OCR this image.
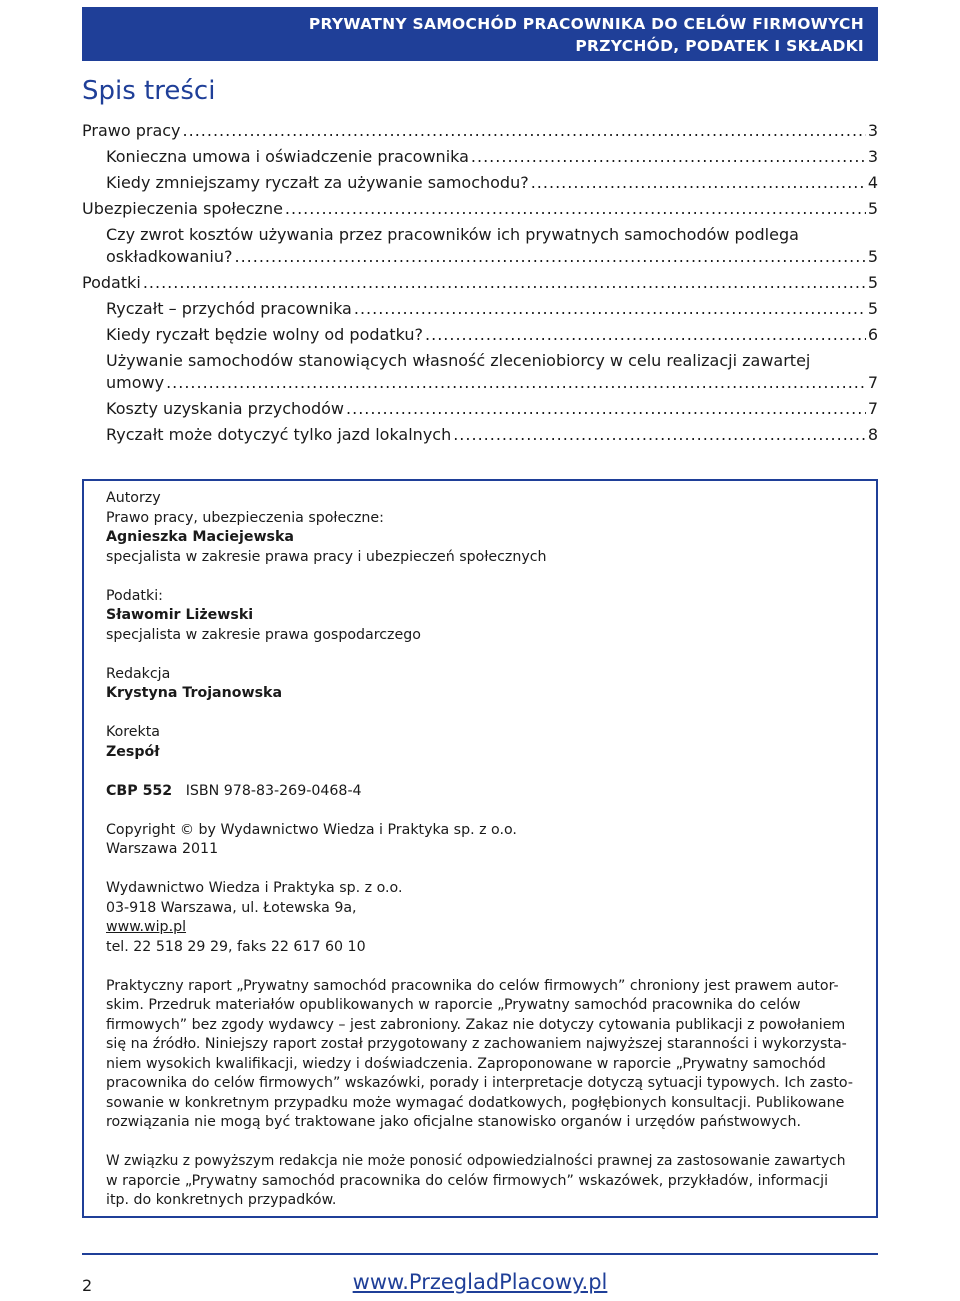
PRYWATNY SAMOCHÓD PRACOWNIKA DO CELÓW FIRMOWYCH
PRZYCHÓD, PODATEK I SKŁADKI
Spis treści
Prawo pracy .....	3
Konieczna umowa i oświadczenie pracownika .....	3
Kiedy zmniejszamy ryczałt za używanie samochodu? .....	4
Ubezpieczenia społeczne .....	5
Czy zwrot kosztów używania przez pracowników ich prywatnych samochodów podlega
oskładkowaniu? .....	5
Podatki .....	5
Ryczałt – przychód pracownika .....	5
Kiedy ryczałt będzie wolny od podatku? .....	6
Używanie samochodów stanowiących własność zleceniobiorcy w celu realizacji zawartej
umowy .....	7
Koszty uzyskania przychodów .....	7
Ryczałt może dotyczyć tylko jazd lokalnych .....	8

Autorzy

Prawo pracy, ubezpieczenia społeczne:

Agnieszka Maciejewska

specjalista w zakresie prawa pracy i ubezpieczeń społecznych

Podatki:

Sławomir Liżewski

specjalista w zakresie prawa gospodarczego

Redakcja

Krystyna Trojanowska

Korekta

Zespół

CBP 552 ISBN 978-83-269-0468-4

Copyright © by Wydawnictwo Wiedza i Praktyka sp. z o.o.

Warszawa 2011

Wydawnictwo Wiedza i Praktyka sp. z o.o.

03-918 Warszawa, ul. Łotewska 9a,

www.wip.pl

tel. 22 518 29 29, faks 22 617 60 10

Praktyczny raport „Prywatny samochód pracownika do celów firmowych” chroniony jest prawem autor-

skim. Przedruk materiałów opublikowanych w raporcie „Prywatny samochód pracownika do celów

firmowych” bez zgody wydawcy – jest zabroniony. Zakaz nie dotyczy cytowania publikacji z powołaniem

się na źródło. Niniejszy raport został przygotowany z zachowaniem najwyższej staranności i wykorzysta-

niem wysokich kwalifikacji, wiedzy i doświadczenia. Zaproponowane w raporcie „Prywatny samochód

pracownika do celów firmowych” wskazówki, porady i interpretacje dotyczą sytuacji typowych. Ich zasto-

sowanie w konkretnym przypadku może wymagać dodatkowych, pogłębionych konsultacji. Publikowane

rozwiązania nie mogą być traktowane jako oficjalne stanowisko organów i urzędów państwowych.

W związku z powyższym redakcja nie może ponosić odpowiedzialności prawnej za zastosowanie zawartych

w raporcie „Prywatny samochód pracownika do celów firmowych” wskazówek, przykładów, informacji

itp. do konkretnych przypadków.

2	www.PrzegladPlacowy.pl
